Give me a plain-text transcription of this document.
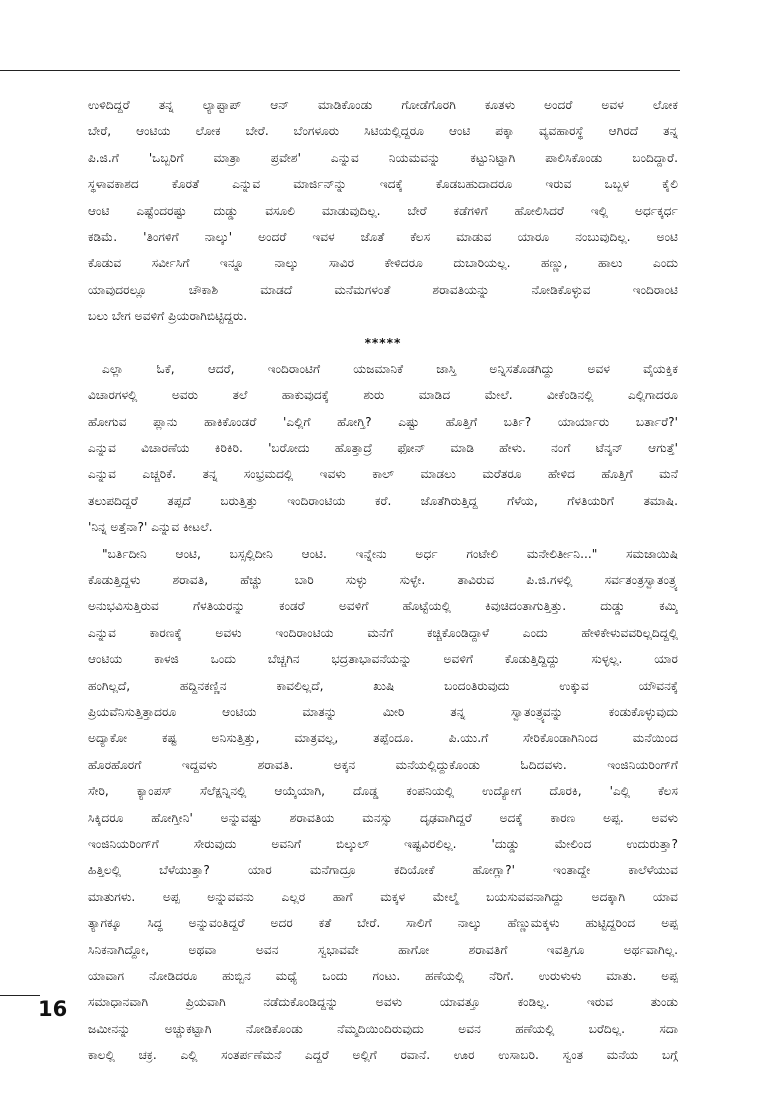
ಉಳಿದಿದ್ದರೆ ತನ್ನ ಲ್ಯಾಪ್ಟಾಪ್ ಆನ್ ಮಾಡಿಕೊಂಡು ಗೋಡೆಗೊರಗಿ ಕೂತಳು ಅಂದರೆ ಅವಳ ಲೋಕ
ಬೇರೆ, ಆಂಟಿಯ ಲೋಕ ಬೇರೆ. ಬೆಂಗಳೂರು ಸಿಟಿಯಲ್ಲಿದ್ದರೂ ಆಂಟಿ ಪಕ್ಕಾ ವ್ಯವಹಾರಸ್ಥೆ ಆಗಿರದೆ ತನ್ನ
ಪಿ.ಜಿ.ಗೆ 'ಒಬ್ಬರಿಗೆ ಮಾತ್ರಾ ಪ್ರವೇಶ' ಎನ್ನುವ ನಿಯಮವನ್ನು ಕಟ್ಟುನಿಟ್ಟಾಗಿ ಪಾಲಿಸಿಕೊಂಡು ಬಂದಿದ್ದಾರೆ.
ಸ್ಥಳಾವಕಾಶದ ಕೊರತೆ ಎನ್ನುವ ಮಾರ್ಜಿನ್‌ನ್ನು ಇದಕ್ಕೆ ಕೊಡಬಹುದಾದರೂ ಇರುವ ಒಬ್ಬಳ ಕೈಲಿ
ಆಂಟಿ ಎಷ್ಟೆಂದರಷ್ಟು ದುಡ್ಡು ವಸೂಲಿ ಮಾಡುವುದಿಲ್ಲ. ಬೇರೆ ಕಡೆಗಳಿಗೆ ಹೋಲಿಸಿದರೆ ಇಲ್ಲಿ ಅರ್ಧಕ್ಕರ್ಧ
ಕಡಿಮೆ. 'ತಿಂಗಳಿಗೆ ನಾಲ್ಕು' ಅಂದರೆ ಇವಳ ಜೊತೆ ಕೆಲಸ ಮಾಡುವ ಯಾರೂ ನಂಬುವುದಿಲ್ಲ. ಅಂಟಿ
ಕೊಡುವ ಸರ್ವೀಸಿಗೆ ಇನ್ನೂ ನಾಲ್ಕು ಸಾವಿರ ಕೇಳಿದರೂ ದುಬಾರಿಯಲ್ಲ. ಹಣ್ಣು, ಹಾಲು ಎಂದು
ಯಾವುದರಲ್ಲೂ ಚೌಕಾಶಿ ಮಾಡದೆ ಮನೆಮಗಳಂತೆ ಶರಾವತಿಯನ್ನು ನೋಡಿಕೊಳ್ಳುವ ಇಂದಿರಾಂಟಿ
ಬಲು ಬೇಗ ಅವಳಿಗೆ ಪ್ರಿಯರಾಗಿಬಿಟ್ಟಿದ್ದರು.
*****
ಎಲ್ಲಾ ಓಕೆ, ಆದರೆ, ಇಂದಿರಾಂಟಿಗೆ ಯಜಮಾನಿಕೆ ಜಾಸ್ತಿ ಅನ್ನಿಸತೊಡಗಿದ್ದು ಅವಳ ವೈಯಕ್ತಿಕ
ವಿಚಾರಗಳಲ್ಲಿ ಅವರು ತಲೆ ಹಾಕುವುದಕ್ಕೆ ಶುರು ಮಾಡಿದ ಮೇಲೆ. ವೀಕೆಂಡಿನಲ್ಲಿ ಎಲ್ಲಿಗಾದರೂ
ಹೋಗುವ ಪ್ಲಾನು ಹಾಕಿಕೊಂಡರೆ 'ಎಲ್ಲಿಗೆ ಹೋಗ್ತಿ? ಎಷ್ಟು ಹೊತ್ತಿಗೆ ಬರ್ತಿ? ಯಾರ್ಯಾರು ಬರ್ತಾರೆ?'
ಎನ್ನುವ ವಿಚಾರಣೆಯ ಕಿರಿಕಿರಿ. 'ಬರೋದು ಹೊತ್ತಾದ್ರೆ ಫೋನ್ ಮಾಡಿ ಹೇಳು. ನಂಗೆ ಟೆನ್ಶನ್ ಆಗುತ್ತೆ'
ಎನ್ನುವ ಎಚ್ಚರಿಕೆ. ತನ್ನ ಸಂಭ್ರಮದಲ್ಲಿ ಇವಳು ಕಾಲ್ ಮಾಡಲು ಮರೆತರೂ ಹೇಳಿದ ಹೊತ್ತಿಗೆ ಮನೆ
ತಲುಪದಿದ್ದರೆ ತಪ್ಪದೆ ಬರುತ್ತಿತ್ತು ಇಂದಿರಾಂಟಿಯ ಕರೆ. ಜೊತೆಗಿರುತ್ತಿದ್ದ ಗೆಳೆಯ, ಗೆಳತಿಯರಿಗೆ ತಮಾಷಿ.
'ನಿನ್ನ ಅತ್ತೆನಾ?' ಎನ್ನುವ ಕೀಟಲೆ.
"ಬರ್ತಿದೀನಿ ಆಂಟಿ, ಬಸ್ಸಲ್ಲಿದೀನಿ ಆಂಟಿ. ಇನ್ನೇನು ಅರ್ಧ ಗಂಟೇಲಿ ಮನೇಲಿರ್ತೀನಿ..." ಸಮಜಾಯಿಷಿ
ಕೊಡುತ್ತಿದ್ದಳು ಶರಾವತಿ, ಹೆಚ್ಚು ಬಾರಿ ಸುಳ್ಳು ಸುಳ್ಳೇ. ತಾವಿರುವ ಪಿ.ಜಿ.ಗಳಲ್ಲಿ ಸರ್ವತಂತ್ರಸ್ವಾತಂತ್ರ್ಯ
ಅನುಭವಿಸುತ್ತಿರುವ ಗೆಳತಿಯರನ್ನು ಕಂಡರೆ ಅವಳಿಗೆ ಹೊಟ್ಟೆಯಲ್ಲಿ ಕಿವುಚಿದಂತಾಗುತ್ತಿತ್ತು. ದುಡ್ಡು ಕಮ್ಮಿ
ಎನ್ನುವ ಕಾರಣಕ್ಕೆ ಅವಳು ಇಂದಿರಾಂಟಿಯ ಮನೆಗೆ ಕಚ್ಚಿಕೊಂಡಿದ್ದಾಳೆ ಎಂದು ಹೇಳಿಕೇಳುವವರಿಲ್ಲದಿದ್ದಲ್ಲಿ
ಆಂಟಿಯ ಕಾಳಜಿ ಒಂದು ಬೆಚ್ಚಗಿನ ಭದ್ರತಾಭಾವನೆಯನ್ನು ಅವಳಿಗೆ ಕೊಡುತ್ತಿದ್ದಿದ್ದು ಸುಳ್ಳಲ್ಲ. ಯಾರ
ಹಂಗಿಲ್ಲದೆ, ಹದ್ದಿನಕಣ್ಣಿನ ಕಾವಲಿಲ್ಲದೆ, ಖುಷಿ ಬಂದಂತಿರುವುದು ಉಕ್ಕುವ ಯೌವನಕ್ಕೆ
ಪ್ರಿಯವೆನಿಸುತ್ತಿತ್ತಾದರೂ ಆಂಟಿಯ ಮಾತನ್ನು ಮೀರಿ ತನ್ನ ಸ್ವಾತಂತ್ರ್ಯವನ್ನು ಕಂಡುಕೊಳ್ಳುವುದು
ಅದ್ಯಾಕೋ ಕಷ್ಟ ಅನಿಸುತ್ತಿತ್ತು, ಮಾತ್ರವಲ್ಲ, ತಪ್ಪೆಂದೂ. ಪಿ.ಯು.ಗೆ ಸೇರಿಕೊಂಡಾಗಿನಿಂದ ಮನೆಯಿಂದ
ಹೊರಹೊರಗೆ ಇದ್ದವಳು ಶರಾವತಿ. ಅಕ್ಕನ ಮನೆಯಲ್ಲಿದ್ದುಕೊಂಡು ಓದಿದವಳು. ಇಂಜಿನಿಯರಿಂಗ್‌ಗೆ
ಸೇರಿ, ಕ್ಯಾಂಪಸ್ ಸೆಲೆಕ್ಷನ್ನಿನಲ್ಲಿ ಆಯ್ಕೆಯಾಗಿ, ದೊಡ್ಡ ಕಂಪನಿಯಲ್ಲಿ ಉದ್ಯೋಗ ದೊರಕಿ, 'ಎಲ್ಲಿ ಕೆಲಸ
ಸಿಕ್ಕಿದರೂ ಹೋಗ್ತೀನಿ' ಅನ್ನುವಷ್ಟು ಶರಾವತಿಯ ಮನಸ್ಸು ದೃಢವಾಗಿದ್ದರೆ ಅದಕ್ಕೆ ಕಾರಣ ಅಪ್ಪ. ಅವಳು
ಇಂಜಿನಿಯರಿಂಗ್‌ಗೆ ಸೇರುವುದು ಅವನಿಗೆ ಬಿಲ್ಕುಲ್ ಇಷ್ಟವಿರಲಿಲ್ಲ. 'ದುಡ್ಡು ಮೇಲಿಂದ ಉದುರುತ್ತಾ?
ಹಿತ್ತಿಲಲ್ಲಿ ಬೆಳೆಯುತ್ತಾ? ಯಾರ ಮನೆಗಾದ್ರೂ ಕದಿಯೋಕೆ ಹೋಗ್ಲಾ?' ಇಂತಾದ್ದೇ ಕಾಲೆಳೆಯುವ
ಮಾತುಗಳು. ಅಪ್ಪ ಅನ್ನುವವನು ಎಲ್ಲರ ಹಾಗೆ ಮಕ್ಕಳ ಮೇಲ್ಮೆ ಬಯಸುವವನಾಗಿದ್ದು ಅದಕ್ಕಾಗಿ ಯಾವ
ತ್ಯಾಗಕ್ಕೂ ಸಿದ್ಧ ಅನ್ನುವಂತಿದ್ದರೆ ಅದರ ಕತೆ ಬೇರೆ. ಸಾಲಿಗೆ ನಾಲ್ಕು ಹೆಣ್ಣುಮಕ್ಕಳು ಹುಟ್ಟಿದ್ದರಿಂದ ಅಪ್ಪ
ಸಿನಿಕನಾಗಿದ್ದೋ, ಅಥವಾ ಅವನ ಸ್ವಭಾವವೇ ಹಾಗೋ ಶರಾವತಿಗೆ ಇವತ್ತಿಗೂ ಅರ್ಥವಾಗಿಲ್ಲ.
ಯಾವಾಗ ನೋಡಿದರೂ ಹುಬ್ಬಿನ ಮಧ್ಯೆ ಒಂದು ಗಂಟು. ಹಣೆಯಲ್ಲಿ ನೆರಿಗೆ. ಉರುಳುಳು ಮಾತು. ಅಪ್ಪ
ಸಮಾಧಾನವಾಗಿ ಪ್ರಿಯವಾಗಿ ನಡೆದುಕೊಂಡಿದ್ದನ್ನು ಅವಳು ಯಾವತ್ತೂ ಕಂಡಿಲ್ಲ. ಇರುವ ತುಂಡು
ಜಮೀನನ್ನು ಅಚ್ಚುಕಟ್ಟಾಗಿ ನೋಡಿಕೊಂಡು ನೆಮ್ಮದಿಯಿಂದಿರುವುದು ಅವನ ಹಣೆಯಲ್ಲಿ ಬರೆದಿಲ್ಲ. ಸದಾ
ಕಾಲಲ್ಲಿ ಚಕ್ರ. ಎಲ್ಲಿ ಸಂತರ್ಪಣೆಮನೆ ಎದ್ದರೆ ಅಲ್ಲಿಗೆ ರವಾನೆ. ಊರ ಉಸಾಬರಿ. ಸ್ವಂತ ಮನೆಯ ಬಗ್ಗೆ
16
